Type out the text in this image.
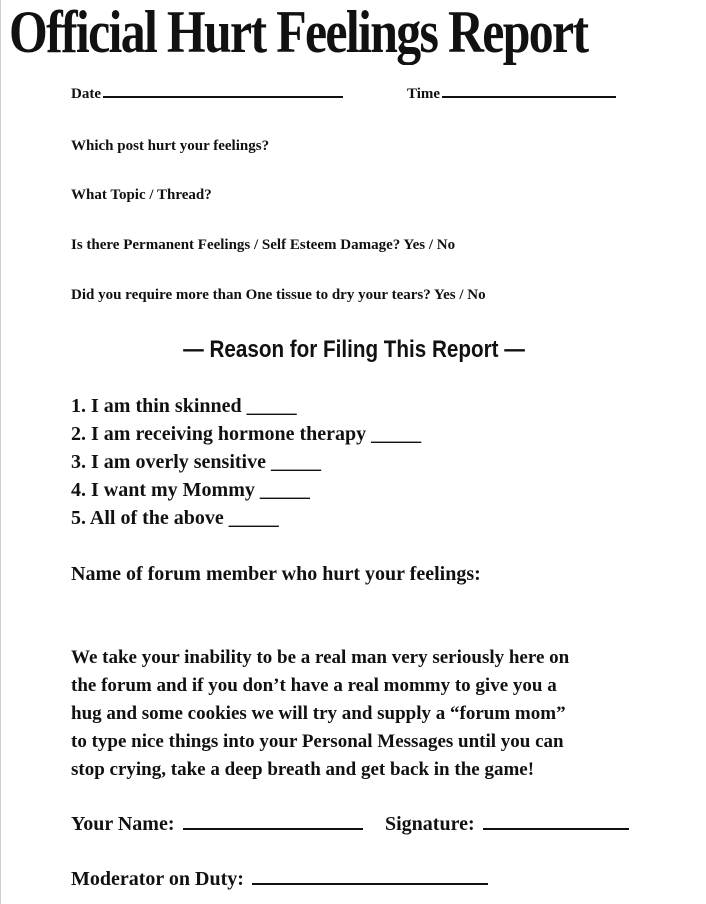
Official Hurt Feelings Report
Date	Time
Which post hurt your feelings?
What Topic / Thread?
Is there Permanent Feelings / Self Esteem Damage? Yes / No
Did you require more than One tissue to dry your tears? Yes / No
— Reason for Filing This Report —
1. I am thin skinned _____
2. I am receiving hormone therapy _____
3. I am overly sensitive _____
4. I want my Mommy _____
5. All of the above _____
Name of forum member who hurt your feelings:
We take your inability to be a real man very seriously here on
the forum and if you don’t have a real mommy to give you a
hug and some cookies we will try and supply a “forum mom”
to type nice things into your Personal Messages until you can
stop crying, take a deep breath and get back in the game!
Your Name:	Signature:
Moderator on Duty:
